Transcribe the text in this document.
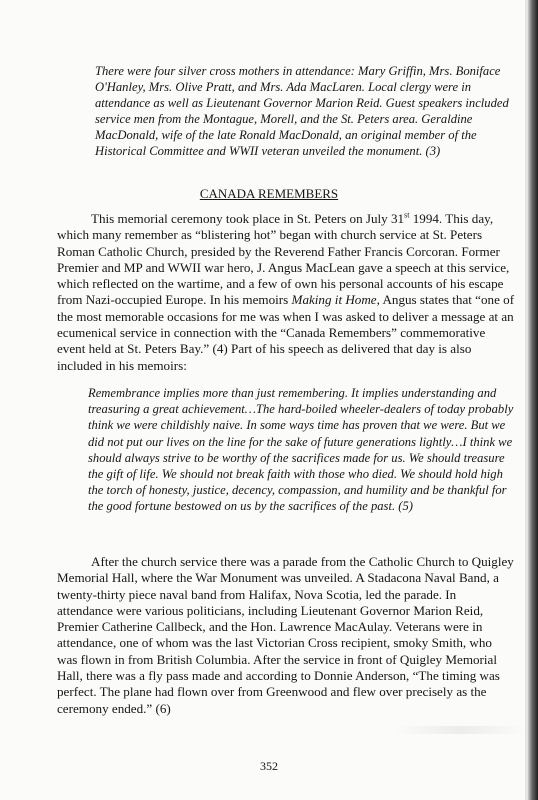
There were four silver cross mothers in attendance: Mary Griffin, Mrs. Boniface O'Hanley, Mrs. Olive Pratt, and Mrs. Ada MacLaren. Local clergy were in attendance as well as Lieutenant Governor Marion Reid. Guest speakers included service men from the Montague, Morell, and the St. Peters area. Geraldine MacDonald, wife of the late Ronald MacDonald, an original member of the Historical Committee and WWII veteran unveiled the monument. (3)

CANADA REMEMBERS

This memorial ceremony took place in St. Peters on July 31st 1994. This day, which many remember as “blistering hot” began with church service at St. Peters Roman Catholic Church, presided by the Reverend Father Francis Corcoran. Former Premier and MP and WWII war hero, J. Angus MacLean gave a speech at this service, which reflected on the wartime, and a few of own his personal accounts of his escape from Nazi-occupied Europe. In his memoirs Making it Home, Angus states that “one of the most memorable occasions for me was when I was asked to deliver a message at an ecumenical service in connection with the “Canada Remembers” commemorative event held at St. Peters Bay.” (4) Part of his speech as delivered that day is also included in his memoirs:

Remembrance implies more than just remembering. It implies understanding and treasuring a great achievement…The hard-boiled wheeler-dealers of today probably think we were childishly naive. In some ways time has proven that we were. But we did not put our lives on the line for the sake of future generations lightly…I think we should always strive to be worthy of the sacrifices made for us. We should treasure the gift of life. We should not break faith with those who died. We should hold high the torch of honesty, justice, decency, compassion, and humility and be thankful for the good fortune bestowed on us by the sacrifices of the past. (5)

After the church service there was a parade from the Catholic Church to Quigley Memorial Hall, where the War Monument was unveiled. A Stadacona Naval Band, a twenty-thirty piece naval band from Halifax, Nova Scotia, led the parade. In attendance were various politicians, including Lieutenant Governor Marion Reid, Premier Catherine Callbeck, and the Hon. Lawrence MacAulay. Veterans were in attendance, one of whom was the last Victorian Cross recipient, smoky Smith, who was flown in from British Columbia. After the service in front of Quigley Memorial Hall, there was a fly pass made and according to Donnie Anderson, “The timing was perfect. The plane had flown over from Greenwood and flew over precisely as the ceremony ended.” (6)

352
